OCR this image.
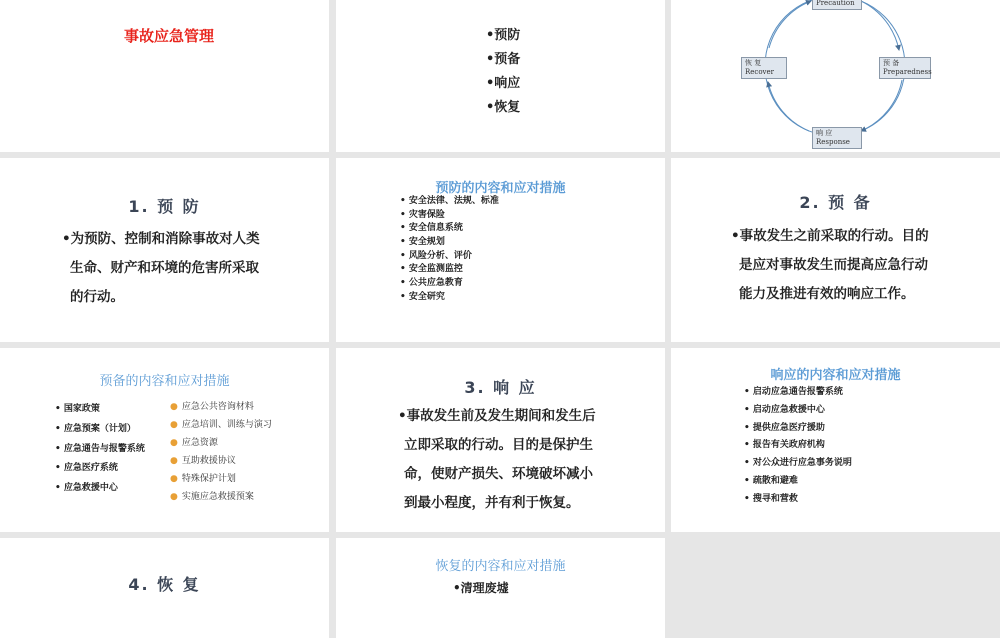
事故应急管理	•预防
•预备
•响应
•恢复
Precaution
预 备
Preparedness
响 应
Response
恢 复
Recover
1. 预 防
•为预防、控制和消除事故对人类
生命、财产和环境的危害所采取
的行动。
预防的内容和应对措施
• 安全法律、法规、标准
• 灾害保险
• 安全信息系统
• 安全规划
• 风险分析、评价
• 安全监测监控
• 公共应急教育
• 安全研究
2. 预 备
•事故发生之前采取的行动。目的
是应对事故发生而提高应急行动
能力及推进有效的响应工作。
预备的内容和应对措施
• 国家政策
• 应急预案（计划）
• 应急通告与报警系统
• 应急医疗系统
• 应急救援中心
● 应急公共咨询材料
● 应急培训、训练与演习
● 应急资源
● 互助救援协议
● 特殊保护计划
● 实施应急救援预案
3. 响 应
•事故发生前及发生期间和发生后
立即采取的行动。目的是保护生
命，使财产损失、环境破坏减小
到最小程度，并有利于恢复。
响应的内容和应对措施
• 启动应急通告报警系统
• 启动应急救援中心
• 提供应急医疗援助
• 报告有关政府机构
• 对公众进行应急事务说明
• 疏散和避难
• 搜寻和营救
4. 恢 复
恢复的内容和应对措施
•清理废墟
